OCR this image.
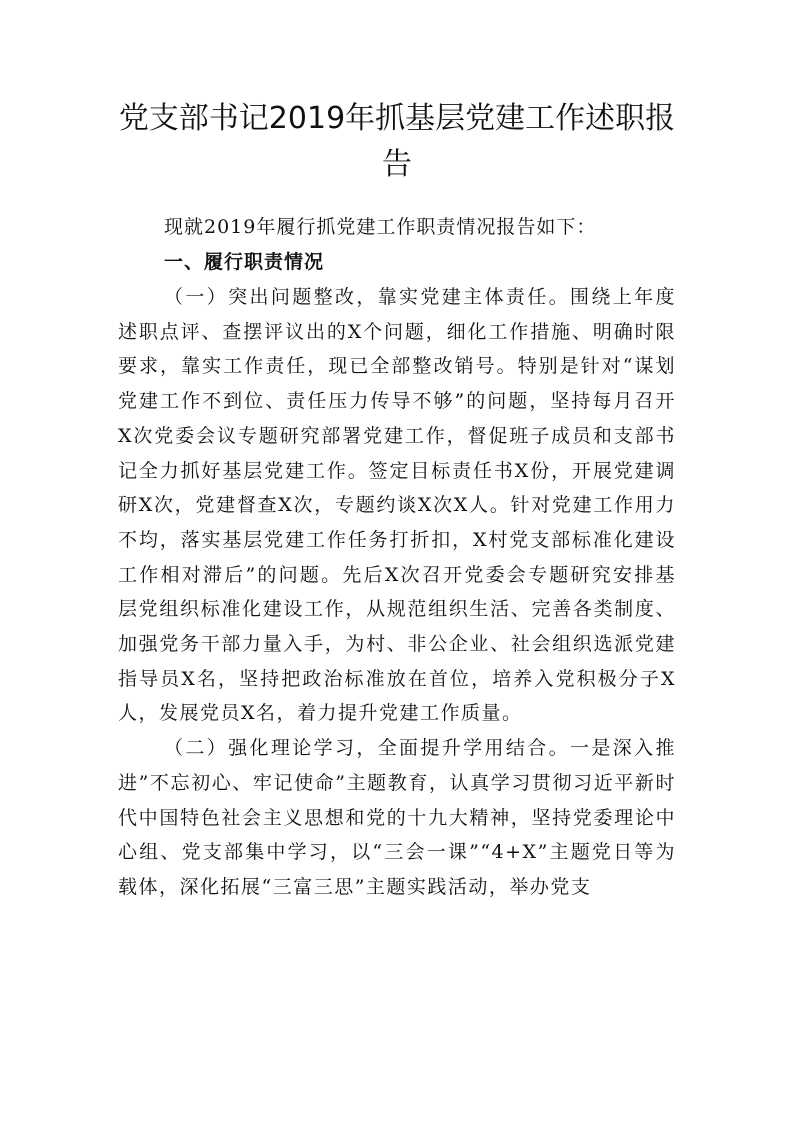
党支部书记2019年抓基层党建工作述职报告

现就2019年履行抓党建工作职责情况报告如下：

一、履行职责情况

（一）突出问题整改，靠实党建主体责任。围绕上年度述职点评、查摆评议出的X个问题，细化工作措施、明确时限要求，靠实工作责任，现已全部整改销号。特别是针对“谋划党建工作不到位、责任压力传导不够”的问题，坚持每月召开X次党委会议专题研究部署党建工作，督促班子成员和支部书记全力抓好基层党建工作。签定目标责任书X份，开展党建调研X次，党建督查X次，专题约谈X次X人。针对党建工作用力不均，落实基层党建工作任务打折扣，X村党支部标准化建设工作相对滞后”的问题。先后X次召开党委会专题研究安排基层党组织标准化建设工作，从规范组织生活、完善各类制度、加强党务干部力量入手，为村、非公企业、社会组织选派党建指导员X名，坚持把政治标准放在首位，培养入党积极分子X人，发展党员X名，着力提升党建工作质量。

（二）强化理论学习，全面提升学用结合。一是深入推进”不忘初心、牢记使命”主题教育，认真学习贯彻习近平新时代中国特色社会主义思想和党的十九大精神，坚持党委理论中心组、党支部集中学习，以“三会一课”“4+X”主题党日等为载体，深化拓展“三富三思”主题实践活动，举办党支
